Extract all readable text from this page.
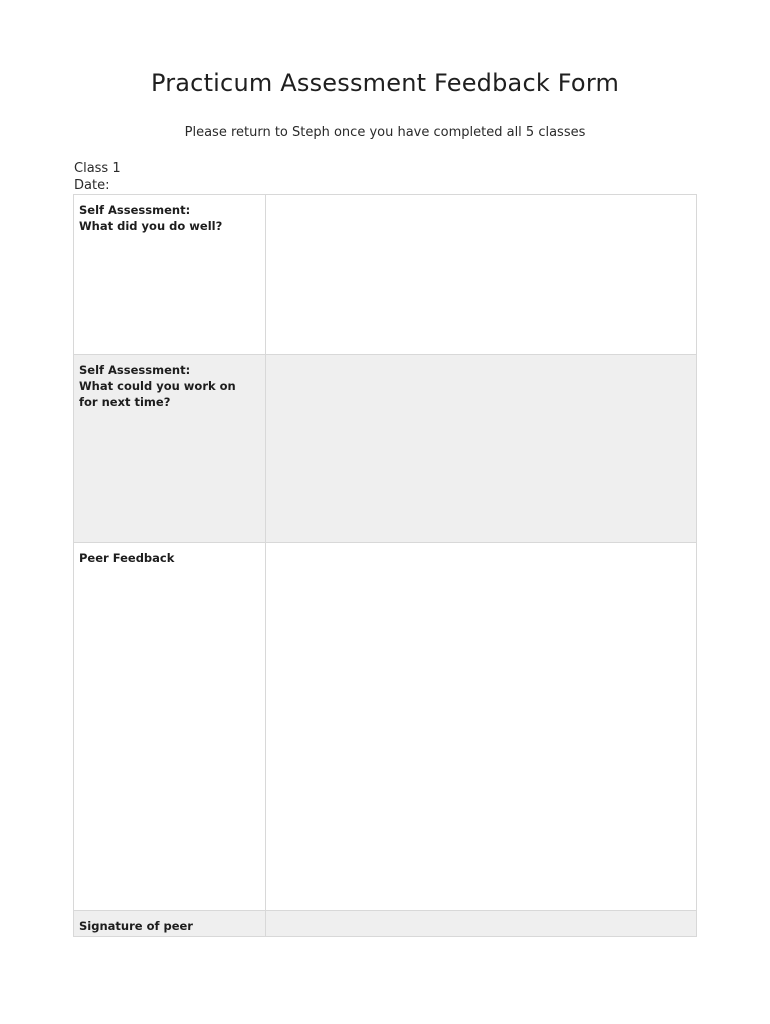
Practicum Assessment Feedback Form
Please return to Steph once you have completed all 5 classes
Class 1
Date:
Self Assessment:
What did you do well?	

Self Assessment:
What could you work on
for next time?	

Peer Feedback	

Signature of peer	
